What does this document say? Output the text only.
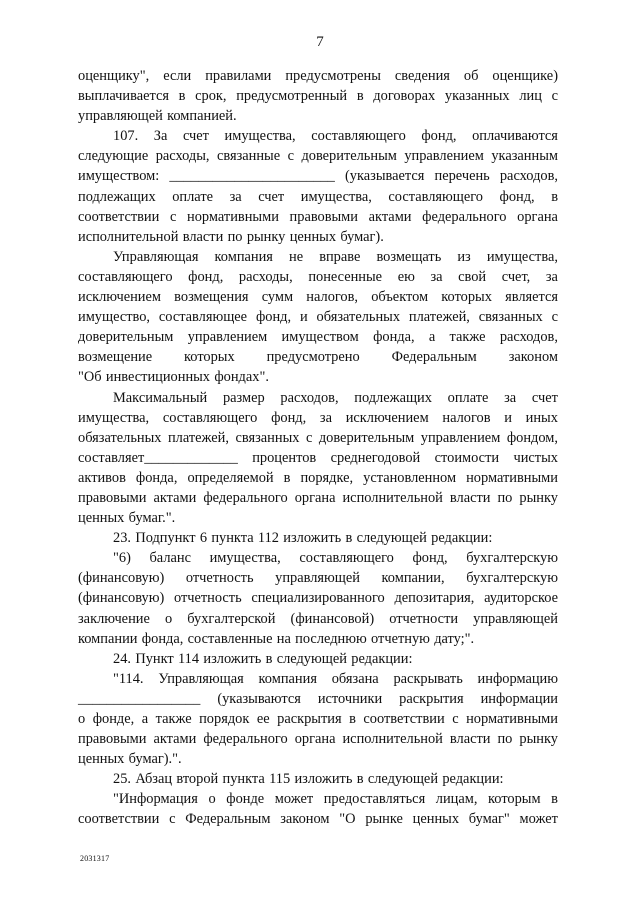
7
оценщику", если правилами предусмотрены сведения об оценщике)
выплачивается в срок, предусмотренный в договорах указанных лиц с
управляющей компанией.
107. За счет имущества, составляющего фонд, оплачиваются
следующие расходы, связанные с доверительным управлением указанным
имуществом: _______________________ (указывается перечень расходов,
подлежащих оплате за счет имущества, составляющего фонд, в
соответствии с нормативными правовыми актами федерального органа
исполнительной власти по рынку ценных бумаг).
Управляющая компания не вправе возмещать из имущества,
составляющего фонд, расходы, понесенные ею за свой счет, за
исключением возмещения сумм налогов, объектом которых является
имущество, составляющее фонд, и обязательных платежей, связанных с
доверительным управлением имуществом фонда, а также расходов,
возмещение которых предусмотрено Федеральным законом
"Об инвестиционных фондах".
Максимальный размер расходов, подлежащих оплате за счет
имущества, составляющего фонд, за исключением налогов и иных
обязательных платежей, связанных с доверительным управлением фондом,
составляет_____________ процентов среднегодовой стоимости чистых
активов фонда, определяемой в порядке, установленном нормативными
правовыми актами федерального органа исполнительной власти по рынку
ценных бумаг.".
23. Подпункт 6 пункта 112 изложить в следующей редакции:
"6) баланс имущества, составляющего фонд, бухгалтерскую
(финансовую) отчетность управляющей компании, бухгалтерскую
(финансовую) отчетность специализированного депозитария, аудиторское
заключение о бухгалтерской (финансовой) отчетности управляющей
компании фонда, составленные на последнюю отчетную дату;".
24. Пункт 114 изложить в следующей редакции:
"114. Управляющая компания обязана раскрывать информацию
_________________ (указываются источники раскрытия информации
о фонде, а также порядок ее раскрытия в соответствии с нормативными
правовыми актами федерального органа исполнительной власти по рынку
ценных бумаг).".
25. Абзац второй пункта 115 изложить в следующей редакции:
"Информация о фонде может предоставляться лицам, которым в
соответствии с Федеральным законом "О рынке ценных бумаг" может
2031317
